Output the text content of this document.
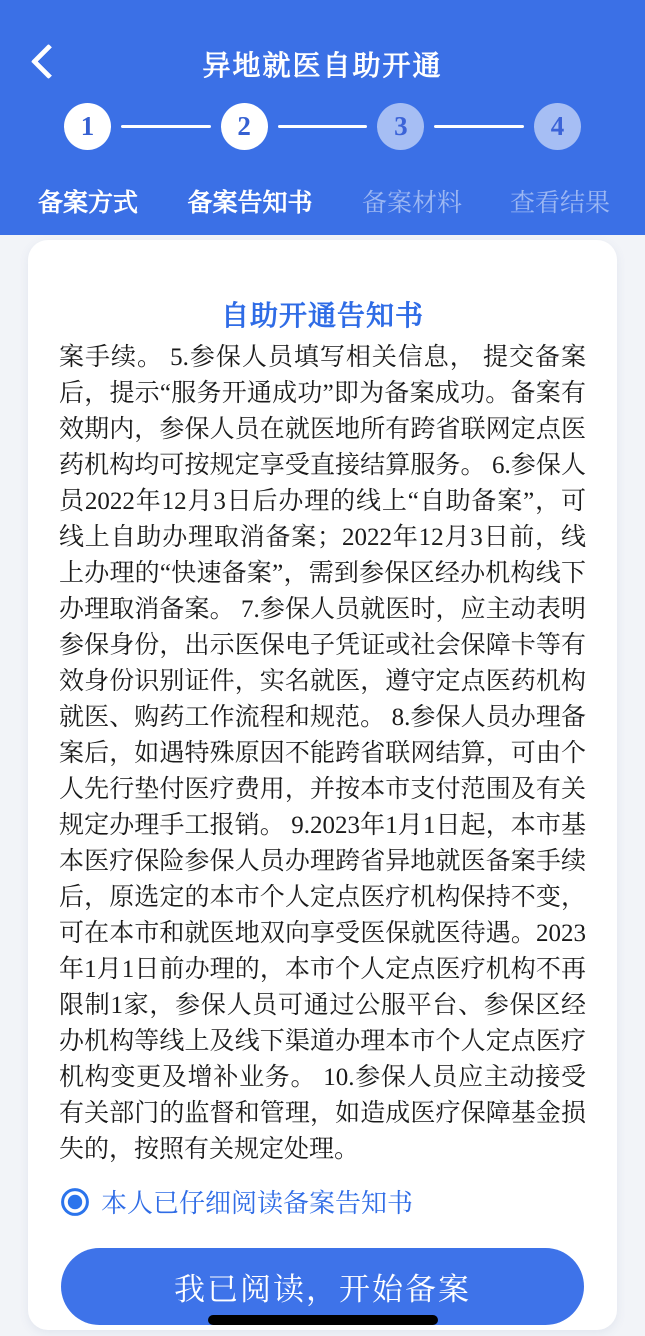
异地就医自助开通
1	2	3	4
备案方式 备案告知书 备案材料 查看结果
自助开通告知书
案手续。 5.参保人员填写相关信息， 提交备案
后，提示“服务开通成功”即为备案成功。备案有
效期内，参保人员在就医地所有跨省联网定点医
药机构均可按规定享受直接结算服务。 6.参保人
员2022年12月3日后办理的线上“自助备案”，可
线上自助办理取消备案；2022年12月3日前，线
上办理的“快速备案”，需到参保区经办机构线下
办理取消备案。 7.参保人员就医时，应主动表明
参保身份，出示医保电子凭证或社会保障卡等有
效身份识别证件，实名就医，遵守定点医药机构
就医、购药工作流程和规范。 8.参保人员办理备
案后，如遇特殊原因不能跨省联网结算，可由个
人先行垫付医疗费用，并按本市支付范围及有关
规定办理手工报销。 9.2023年1月1日起，本市基
本医疗保险参保人员办理跨省异地就医备案手续
后，原选定的本市个人定点医疗机构保持不变，
可在本市和就医地双向享受医保就医待遇。2023
年1月1日前办理的，本市个人定点医疗机构不再
限制1家，参保人员可通过公服平台、参保区经
办机构等线上及线下渠道办理本市个人定点医疗
机构变更及增补业务。 10.参保人员应主动接受
有关部门的监督和管理，如造成医疗保障基金损
失的，按照有关规定处理。
本人已仔细阅读备案告知书
我已阅读，开始备案
